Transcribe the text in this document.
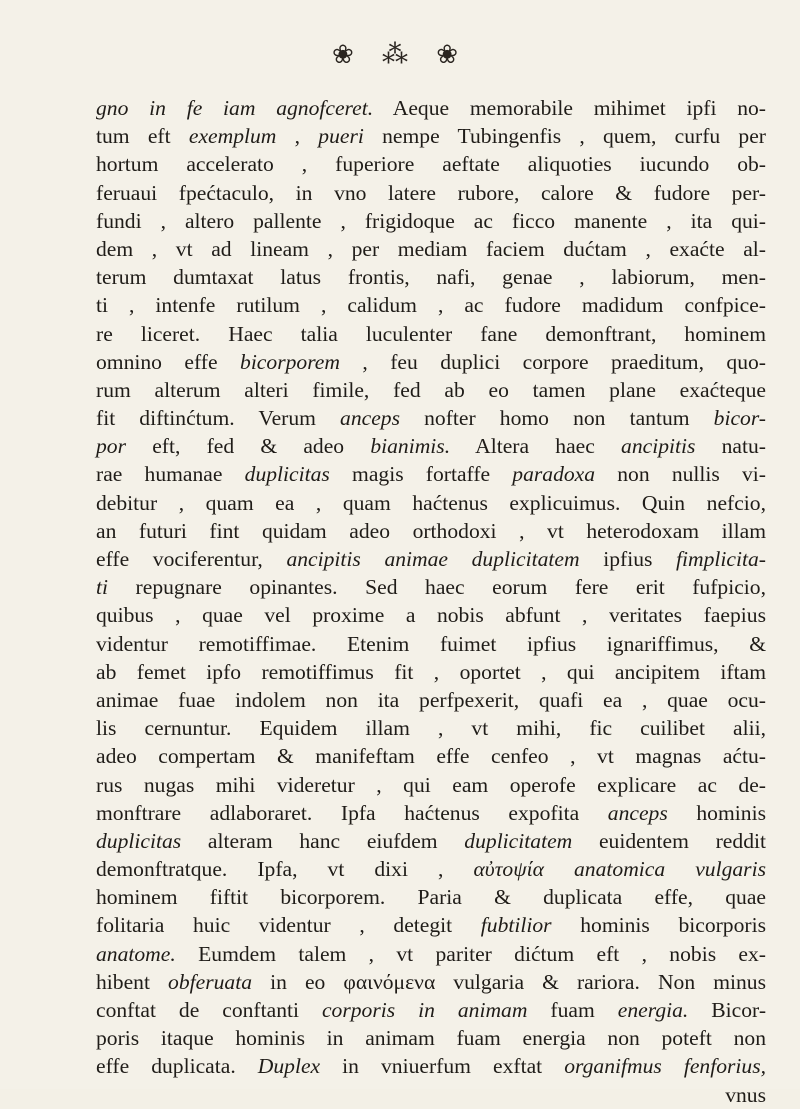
❀ ⁂ ❀
gno in fe iam agnofceret. Aeque memorabile mihimet ipfi no-
tum eft exemplum , pueri nempe Tubingenfis , quem, curfu per
hortum accelerato , fuperiore aeftate aliquoties iucundo ob-
feruaui fpećtaculo, in vno latere rubore, calore & fudore per-
fundi , altero pallente , frigidoque ac ficco manente , ita qui-
dem , vt ad lineam , per mediam faciem dućtam , exaćte al-
terum dumtaxat latus frontis, nafi, genae , labiorum, men-
ti , intenfe rutilum , calidum , ac fudore madidum confpice-
re liceret. Haec talia luculenter fane demonftrant, hominem
omnino effe bicorporem , feu duplici corpore praeditum, quo-
rum alterum alteri fimile, fed ab eo tamen plane exaćteque
fit diftinćtum. Verum anceps nofter homo non tantum bicor-
por eft, fed & adeo bianimis. Altera haec ancipitis natu-
rae humanae duplicitas magis fortaffe paradoxa non nullis vi-
debitur , quam ea , quam haćtenus explicuimus. Quin nefcio,
an futuri fint quidam adeo orthodoxi , vt heterodoxam illam
effe vociferentur, ancipitis animae duplicitatem ipfius fimplicita-
ti repugnare opinantes. Sed haec eorum fere erit fufpicio,
quibus , quae vel proxime a nobis abfunt , veritates faepius
videntur remotiffimae. Etenim fuimet ipfius ignariffimus, &
ab femet ipfo remotiffimus fit , oportet , qui ancipitem iftam
animae fuae indolem non ita perfpexerit, quafi ea , quae ocu-
lis cernuntur. Equidem illam , vt mihi, fic cuilibet alii,
adeo compertam & manifeftam effe cenfeo , vt magnas aćtu-
rus nugas mihi videretur , qui eam operofe explicare ac de-
monftrare adlaboraret. Ipfa haćtenus expofita anceps hominis
duplicitas alteram hanc eiufdem duplicitatem euidentem reddit
demonftratque. Ipfa, vt dixi , αὐτοψία anatomica vulgaris
hominem fiftit bicorporem. Paria & duplicata effe, quae
folitaria huic videntur , detegit fubtilior hominis bicorporis
anatome. Eumdem talem , vt pariter dićtum eft , nobis ex-
hibent obferuata in eo φαινόμενα vulgaria & rariora. Non minus
conftat de conftanti corporis in animam fuam energia. Bicor-
poris itaque hominis in animam fuam energia non poteft non
effe duplicata. Duplex in vniuerfum exftat organifmus fenforius,
vnus
